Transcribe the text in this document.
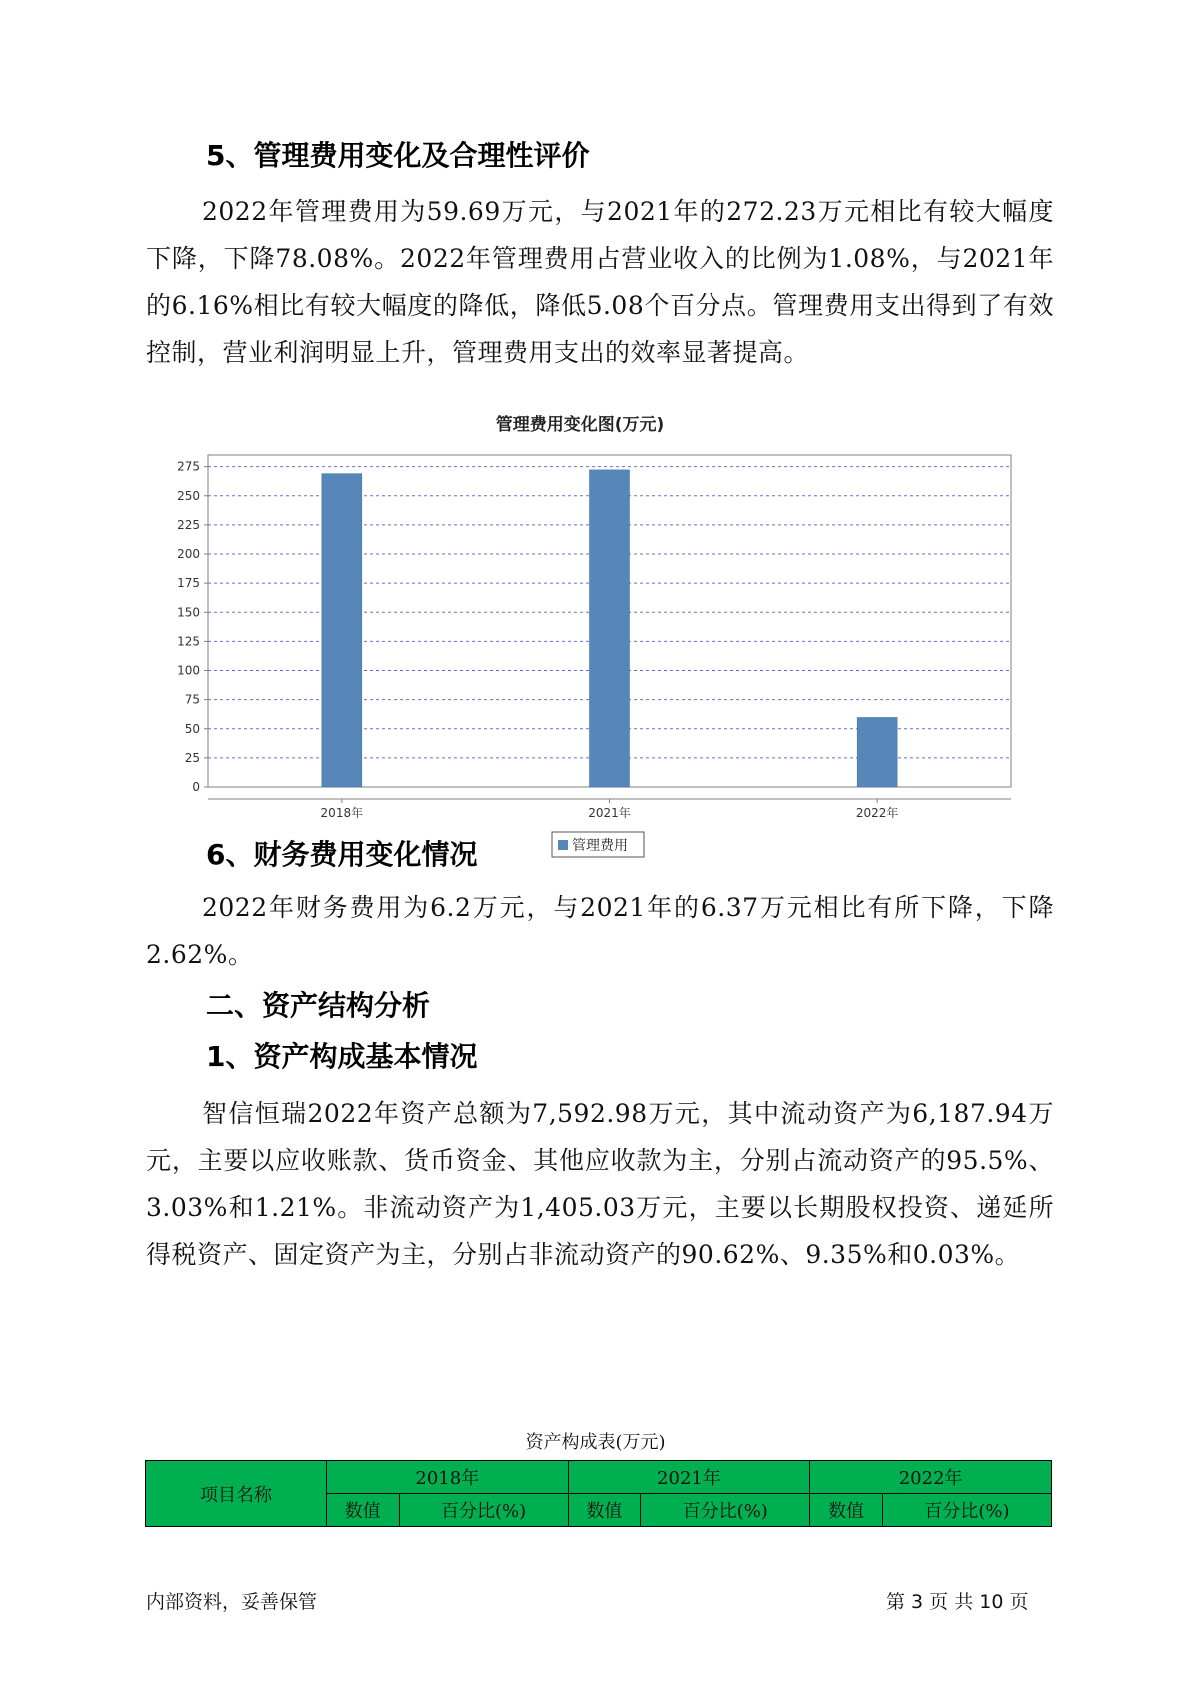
5、管理费用变化及合理性评价

2022年管理费用为59.69万元，与2021年的272.23万元相比有较大幅度下降，下降78.08%。2022年管理费用占营业收入的比例为1.08%，与2021年的6.16%相比有较大幅度的降低，降低5.08个百分点。管理费用支出得到了有效控制，营业利润明显上升，管理费用支出的效率显著提高。

管理费用变化图(万元)
0
25
50
75
100
125
150
175
200
225
250
275
2018年	2021年	2022年
管理费用
6、财务费用变化情况

2022年财务费用为6.2万元，与2021年的6.37万元相比有所下降，下降2.62%。

二、资产结构分析
1、资产构成基本情况

智信恒瑞2022年资产总额为7,592.98万元，其中流动资产为6,187.94万元，主要以应收账款、货币资金、其他应收款为主，分别占流动资产的95.5%、3.03%和1.21%。非流动资产为1,405.03万元，主要以长期股权投资、递延所得税资产、固定资产为主，分别占非流动资产的90.62%、9.35%和0.03%。

资产构成表(万元)
项目名称	2018年		2021年		2022年	
	数值	百分比(%)	数值	百分比(%)	数值	百分比(%)
内部资料，妥善保管	第 3 页 共 10 页
